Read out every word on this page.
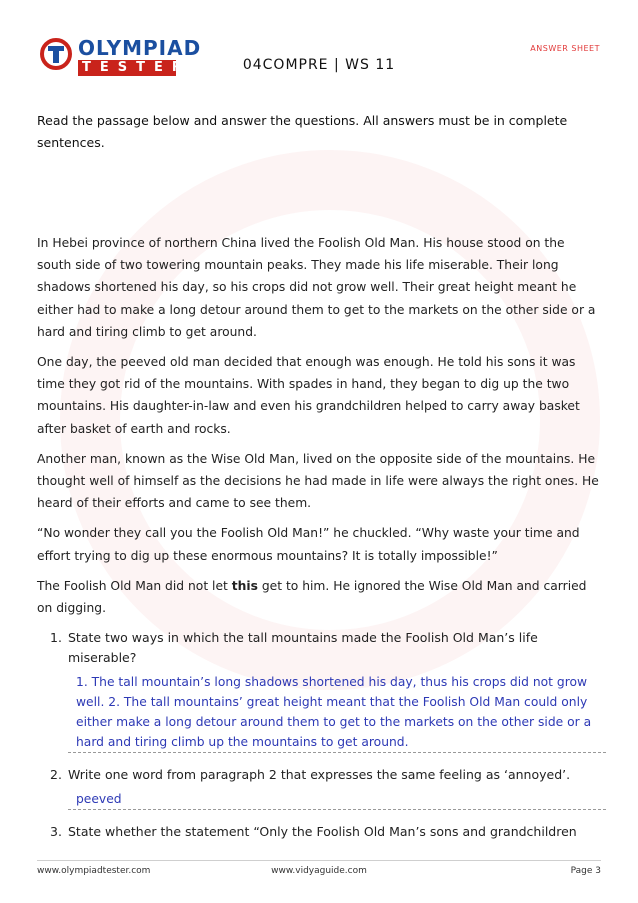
OLYMPIAD
TESTER
ANSWER SHEET
04COMPRE | WS 11
Read the passage below and answer the questions. All answers must be in complete sentences.

In Hebei province of northern China lived the Foolish Old Man. His house stood on the south side of two towering mountain peaks. They made his life miserable. Their long shadows shortened his day, so his crops did not grow well. Their great height meant he either had to make a long detour around them to get to the markets on the other side or a hard and tiring climb to get around.

One day, the peeved old man decided that enough was enough. He told his sons it was time they got rid of the mountains. With spades in hand, they began to dig up the two mountains. His daughter-in-law and even his grandchildren helped to carry away basket after basket of earth and rocks.

Another man, known as the Wise Old Man, lived on the opposite side of the mountains. He thought well of himself as the decisions he had made in life were always the right ones. He heard of their efforts and came to see them.

“No wonder they call you the Foolish Old Man!” he chuckled. “Why waste your time and effort trying to dig up these enormous mountains? It is totally impossible!”

The Foolish Old Man did not let this get to him. He ignored the Wise Old Man and carried on digging.

1. State two ways in which the tall mountains made the Foolish Old Man’s life miserable?
1. The tall mountain’s long shadows shortened his day, thus his crops did not grow well. 2. The tall mountains’ great height meant that the Foolish Old Man could only either make a long detour around them to get to the markets on the other side or a hard and tiring climb up the mountains to get around.
2. Write one word from paragraph 2 that expresses the same feeling as ‘annoyed’.
peeved
3. State whether the statement “Only the Foolish Old Man’s sons and grandchildren
www.olympiadtester.com	www.vidyaguide.com	Page 3
